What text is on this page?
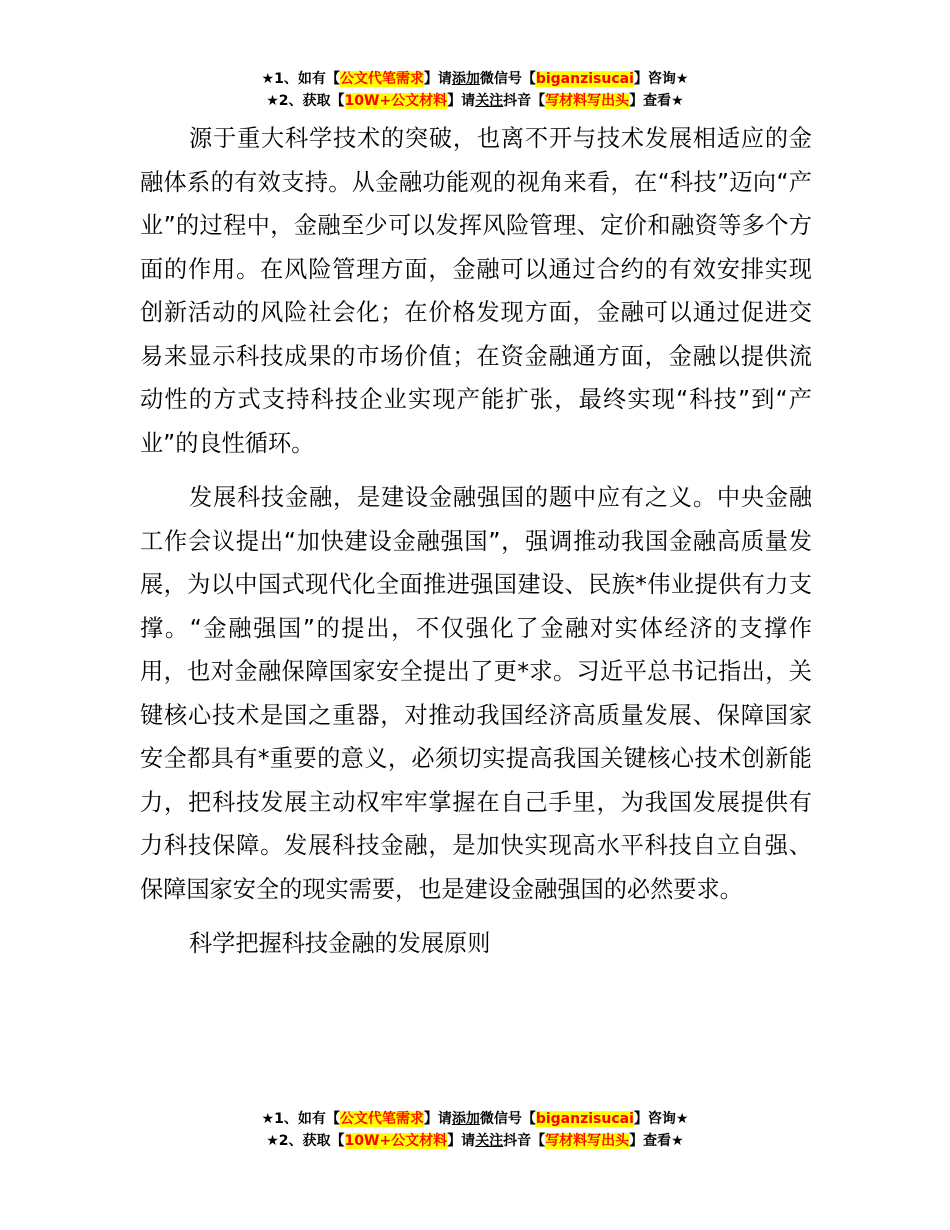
★1、如有【公文代笔需求】请添加微信号【biganzisucai】咨询★
★2、获取【10W+公文材料】请关注抖音【写材料写出头】查看★

源于重大科学技术的突破，也离不开与技术发展相适应的金融体系的有效支持。从金融功能观的视角来看，在“科技”迈向“产业”的过程中，金融至少可以发挥风险管理、定价和融资等多个方面的作用。在风险管理方面，金融可以通过合约的有效安排实现创新活动的风险社会化；在价格发现方面，金融可以通过促进交易来显示科技成果的市场价值；在资金融通方面，金融以提供流动性的方式支持科技企业实现产能扩张，最终实现“科技”到“产业”的良性循环。

发展科技金融，是建设金融强国的题中应有之义。中央金融工作会议提出“加快建设金融强国”，强调推动我国金融高质量发展，为以中国式现代化全面推进强国建设、民族*伟业提供有力支撑。“金融强国”的提出，不仅强化了金融对实体经济的支撑作用，也对金融保障国家安全提出了更*求。习近平总书记指出，关键核心技术是国之重器，对推动我国经济高质量发展、保障国家安全都具有*重要的意义，必须切实提高我国关键核心技术创新能力，把科技发展主动权牢牢掌握在自己手里，为我国发展提供有力科技保障。发展科技金融，是加快实现高水平科技自立自强、保障国家安全的现实需要，也是建设金融强国的必然要求。

科学把握科技金融的发展原则

★1、如有【公文代笔需求】请添加微信号【biganzisucai】咨询★
★2、获取【10W+公文材料】请关注抖音【写材料写出头】查看★
